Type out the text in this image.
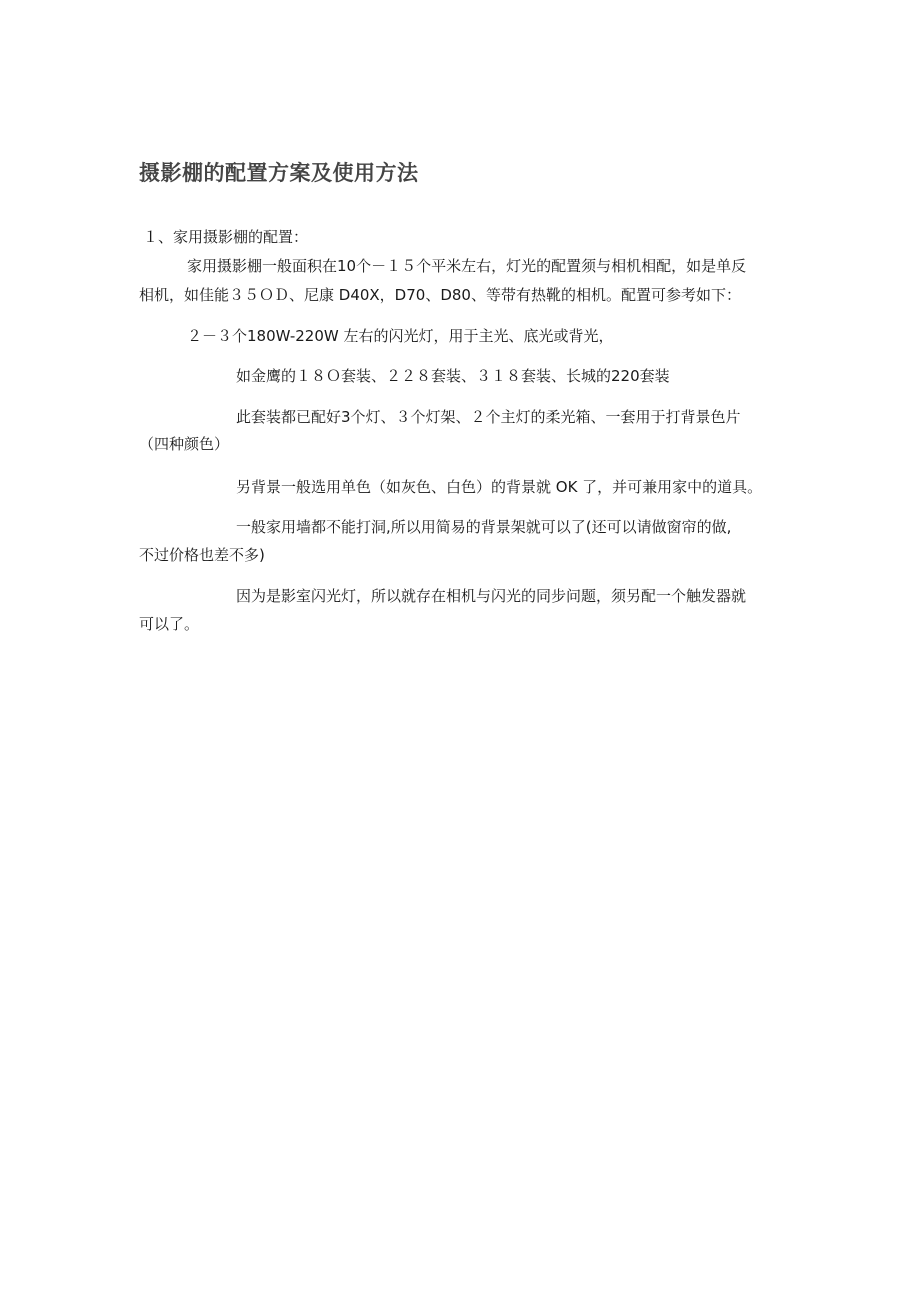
摄影棚的配置方案及使用方法
１、家用摄影棚的配置：
家用摄影棚一般面积在10个－１５个平米左右，灯光的配置须与相机相配，如是单反
相机，如佳能３５ＯＤ、尼康 D40X，D70、D80、等带有热靴的相机。配置可参考如下：
２－３个180W-220W 左右的闪光灯，用于主光、底光或背光，
如金鹰的１８Ｏ套装、２２８套装、３１８套装、长城的220套装
此套装都已配好3个灯、３个灯架、２个主灯的柔光箱、一套用于打背景色片
（四种颜色）
另背景一般选用单色（如灰色、白色）的背景就 OK 了，并可兼用家中的道具。
一般家用墙都不能打洞,所以用简易的背景架就可以了(还可以请做窗帘的做,
不过价格也差不多)
因为是影室闪光灯，所以就存在相机与闪光的同步问题，须另配一个触发器就
可以了。
